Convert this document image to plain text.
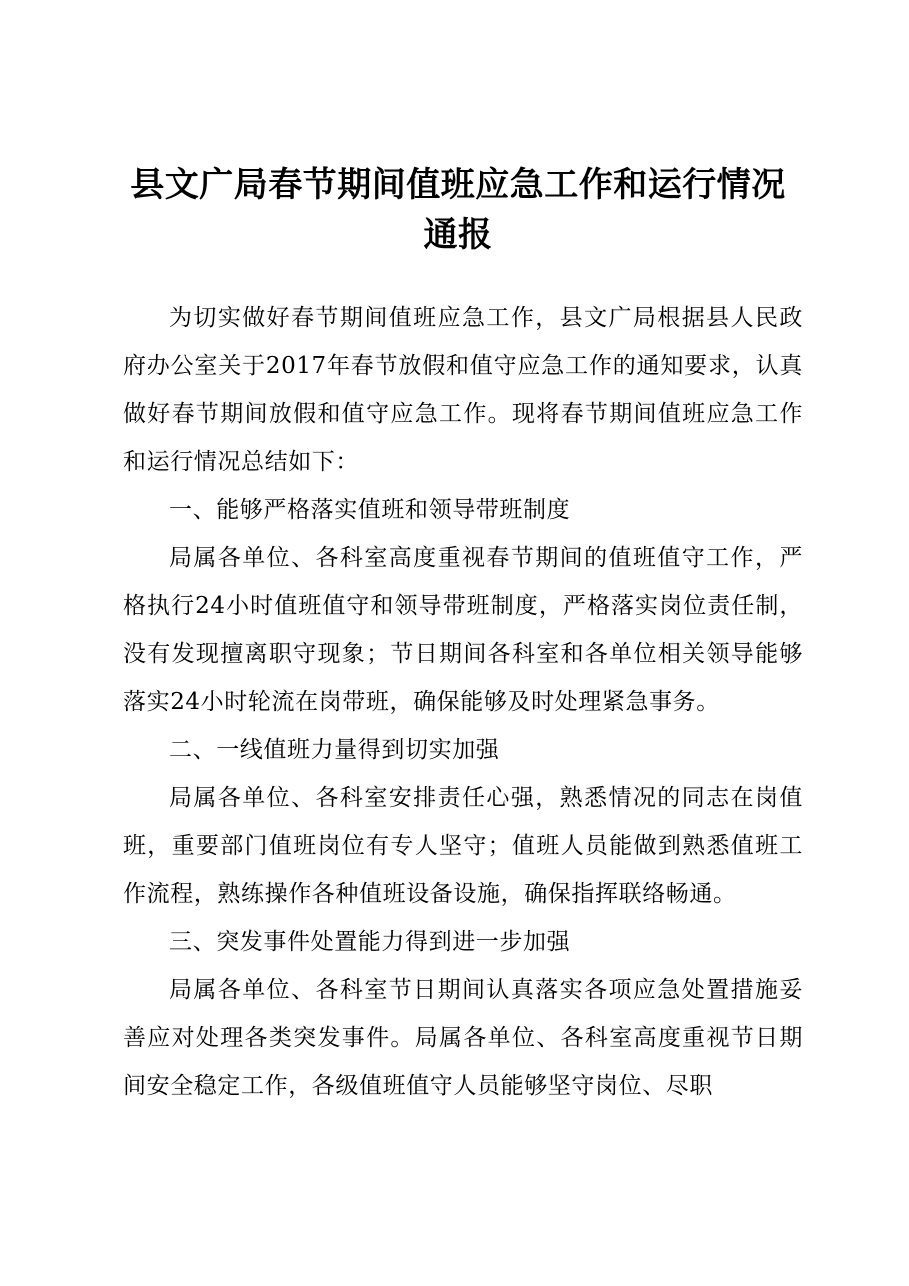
县文广局春节期间值班应急工作和运行情况通报

为切实做好春节期间值班应急工作，县文广局根据县人民政府办公室关于2017年春节放假和值守应急工作的通知要求，认真做好春节期间放假和值守应急工作。现将春节期间值班应急工作和运行情况总结如下：

一、能够严格落实值班和领导带班制度

局属各单位、各科室高度重视春节期间的值班值守工作，严格执行24小时值班值守和领导带班制度，严格落实岗位责任制，没有发现擅离职守现象；节日期间各科室和各单位相关领导能够落实24小时轮流在岗带班，确保能够及时处理紧急事务。

二、一线值班力量得到切实加强

局属各单位、各科室安排责任心强，熟悉情况的同志在岗值班，重要部门值班岗位有专人坚守；值班人员能做到熟悉值班工作流程，熟练操作各种值班设备设施，确保指挥联络畅通。

三、突发事件处置能力得到进一步加强

局属各单位、各科室节日期间认真落实各项应急处置措施妥善应对处理各类突发事件。局属各单位、各科室高度重视节日期间安全稳定工作，各级值班值守人员能够坚守岗位、尽职
